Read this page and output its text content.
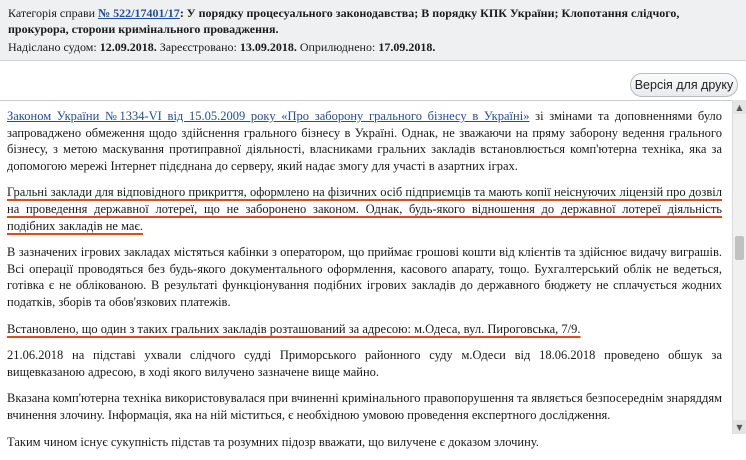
Категорія справи № 522/17401/17: У порядку процесуального законодавства; В порядку КПК України; Клопотання слідчого, прокурора, сторони кримінального провадження.
Надіслано судом: 12.09.2018. Зареєстровано: 13.09.2018. Оприлюднено: 17.09.2018.
Версія для друку

Законом України №1334-VI від 15.05.2009 року «Про заборону грального бізнесу в Україні» зі змінами та доповненнями було запроваджено обмеження щодо здійснення грального бізнесу в Україні. Однак, не зважаючи на пряму заборону ведення грального бізнесу, з метою маскування протиправної діяльності, власниками гральних закладів встановлюється комп'ютерна техніка, яка за допомогою мережі Інтернет підєднана до серверу, який надає змогу для участі в азартних іграх.

Гральні заклади для відповідного прикриття, оформлено на фізичних осіб підприємців та мають копії неіснуючих ліцензій про дозвіл на проведення державної лотереї, що не заборонено законом. Однак, будь-якого відношення до державної лотереї діяльність подібних закладів не має.

В зазначених ігрових закладах містяться кабінки з оператором, що приймає грошові кошти від клієнтів та здійснює видачу виграшів. Всі операції проводяться без будь-якого документального оформлення, касового апарату, тощо. Бухгалтерський облік не ведеться, готівка є не облікованою. В результаті функціонування подібних ігрових закладів до державного бюджету не сплачується жодних податків, зборів та обов'язкових платежів.

Встановлено, що один з таких гральних закладів розташований за адресою: м.Одеса, вул. Пироговська, 7/9.

21.06.2018 на підставі ухвали слідчого судді Приморського районного суду м.Одеси від 18.06.2018 проведено обшук за вищевказаною адресою, в ході якого вилучено зазначене вище майно.

Вказана комп'ютерна техніка використовувалася при вчиненні кримінального правопорушення та являється безпосереднім знаряддям вчинення злочину. Інформація, яка на ній міститься, є необхідною умовою проведення експертного дослідження.

Таким чином існує сукупність підстав та розумних підозр вважати, що вилучене є доказом злочину.

▲
▼
